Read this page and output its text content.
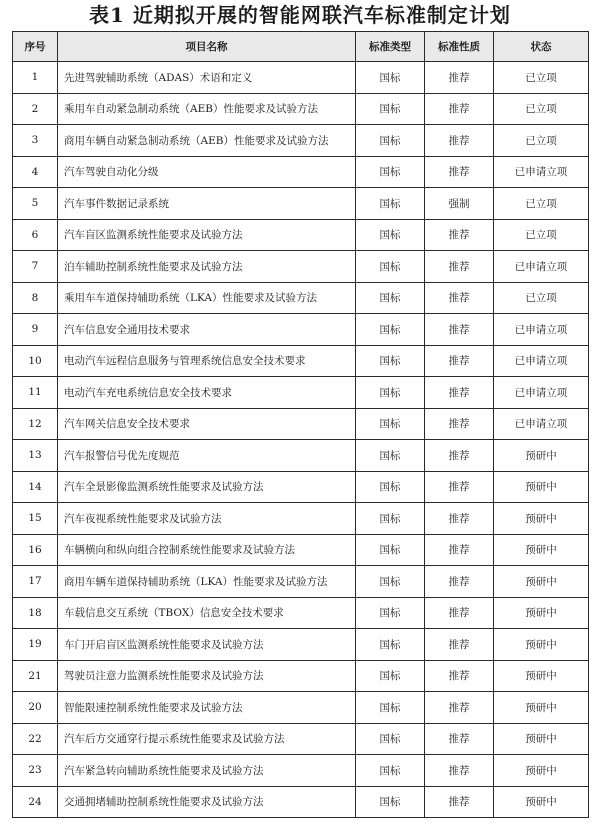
表1 近期拟开展的智能网联汽车标准制定计划
序号	项目名称	标准类型	标准性质	状态
1	先进驾驶辅助系统（ADAS）术语和定义	国标	推荐	已立项
2	乘用车自动紧急制动系统（AEB）性能要求及试验方法	国标	推荐	已立项
3	商用车辆自动紧急制动系统（AEB）性能要求及试验方法	国标	推荐	已立项
4	汽车驾驶自动化分级	国标	推荐	已申请立项
5	汽车事件数据记录系统	国标	强制	已立项
6	汽车盲区监测系统性能要求及试验方法	国标	推荐	已立项
7	泊车辅助控制系统性能要求及试验方法	国标	推荐	已申请立项
8	乘用车车道保持辅助系统（LKA）性能要求及试验方法	国标	推荐	已立项
9	汽车信息安全通用技术要求	国标	推荐	已申请立项
10	电动汽车远程信息服务与管理系统信息安全技术要求	国标	推荐	已申请立项
11	电动汽车充电系统信息安全技术要求	国标	推荐	已申请立项
12	汽车网关信息安全技术要求	国标	推荐	已申请立项
13	汽车报警信号优先度规范	国标	推荐	预研中
14	汽车全景影像监测系统性能要求及试验方法	国标	推荐	预研中
15	汽车夜视系统性能要求及试验方法	国标	推荐	预研中
16	车辆横向和纵向组合控制系统性能要求及试验方法	国标	推荐	预研中
17	商用车辆车道保持辅助系统（LKA）性能要求及试验方法	国标	推荐	预研中
18	车载信息交互系统（TBOX）信息安全技术要求	国标	推荐	预研中
19	车门开启盲区监测系统性能要求及试验方法	国标	推荐	预研中
21	驾驶员注意力监测系统性能要求及试验方法	国标	推荐	预研中
20	智能限速控制系统性能要求及试验方法	国标	推荐	预研中
22	汽车后方交通穿行提示系统性能要求及试验方法	国标	推荐	预研中
23	汽车紧急转向辅助系统性能要求及试验方法	国标	推荐	预研中
24	交通拥堵辅助控制系统性能要求及试验方法	国标	推荐	预研中
